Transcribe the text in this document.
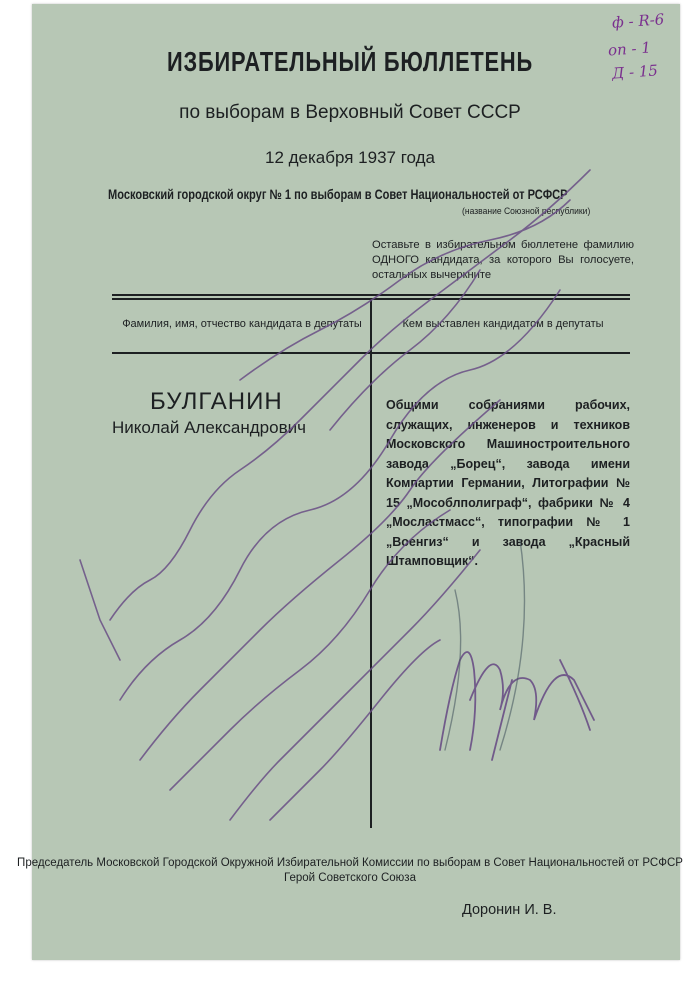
ф - R-6
оп - 1
Д - 15
ИЗБИРАТЕЛЬНЫЙ БЮЛЛЕТЕНЬ
по выборам в Верховный Совет СССР
12 декабря 1937 года
Московский городской округ № 1 по выборам в Совет Национальностей от РСФСР
(название Союзной республики)
Оставьте в избирательном бюллетене фамилию ОДНОГО кандидата, за которого Вы голосуете, остальных вычеркните
Фамилия, имя, отчество кандидата в депутаты	Кем выставлен кандидатом в депутаты
БУЛГАНИН
Николай Александрович
Общими собраниями рабочих, служащих, инженеров и техников Московского Машиностроительного завода „Борец“, завода имени Компартии Германии, Литографии № 15 „Мособлполиграф“, фабрики № 4 „Мосластмасс“, типографии № 1 „Военгиз“ и завода „Красный Штамповщик“.
Председатель Московской Городской Окружной Избирательной Комиссии по выборам в Совет Национальностей от РСФСР Герой Советского Союза
Доронин И. В.
